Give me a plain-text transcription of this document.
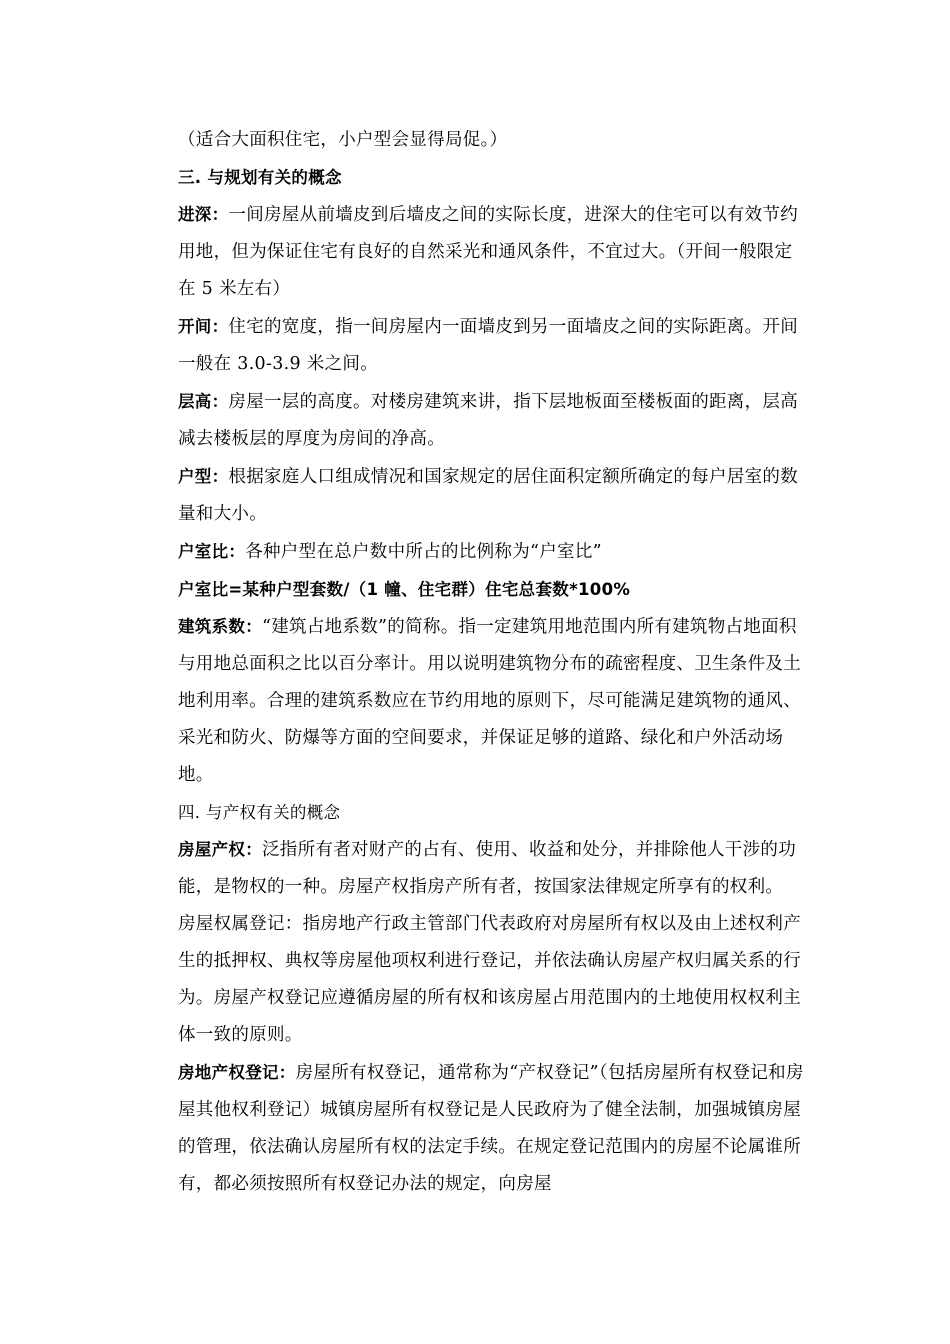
（适合大面积住宅，小户型会显得局促。）

三. 与规划有关的概念

进深：一间房屋从前墙皮到后墙皮之间的实际长度，进深大的住宅可以有效节约用地，但为保证住宅有良好的自然采光和通风条件，不宜过大。（开间一般限定在 5 米左右）

开间：住宅的宽度，指一间房屋内一面墙皮到另一面墙皮之间的实际距离。开间一般在 3.0-3.9 米之间。

层高：房屋一层的高度。对楼房建筑来讲，指下层地板面至楼板面的距离，层高减去楼板层的厚度为房间的净高。

户型：根据家庭人口组成情况和国家规定的居住面积定额所确定的每户居室的数量和大小。

户室比：各种户型在总户数中所占的比例称为“户室比”

户室比=某种户型套数/（1 幢、住宅群）住宅总套数*100%

建筑系数：“建筑占地系数”的简称。指一定建筑用地范围内所有建筑物占地面积与用地总面积之比以百分率计。用以说明建筑物分布的疏密程度、卫生条件及土地利用率。合理的建筑系数应在节约用地的原则下，尽可能满足建筑物的通风、采光和防火、防爆等方面的空间要求，并保证足够的道路、绿化和户外活动场地。

四. 与产权有关的概念

房屋产权：泛指所有者对财产的占有、使用、收益和处分，并排除他人干涉的功能，是物权的一种。房屋产权指房产所有者，按国家法律规定所享有的权利。

房屋权属登记：指房地产行政主管部门代表政府对房屋所有权以及由上述权利产生的抵押权、典权等房屋他项权利进行登记，并依法确认房屋产权归属关系的行为。房屋产权登记应遵循房屋的所有权和该房屋占用范围内的土地使用权权利主体一致的原则。

房地产权登记：房屋所有权登记，通常称为“产权登记”（包括房屋所有权登记和房屋其他权利登记）城镇房屋所有权登记是人民政府为了健全法制，加强城镇房屋的管理，依法确认房屋所有权的法定手续。在规定登记范围内的房屋不论属谁所有，都必须按照所有权登记办法的规定，向房屋
